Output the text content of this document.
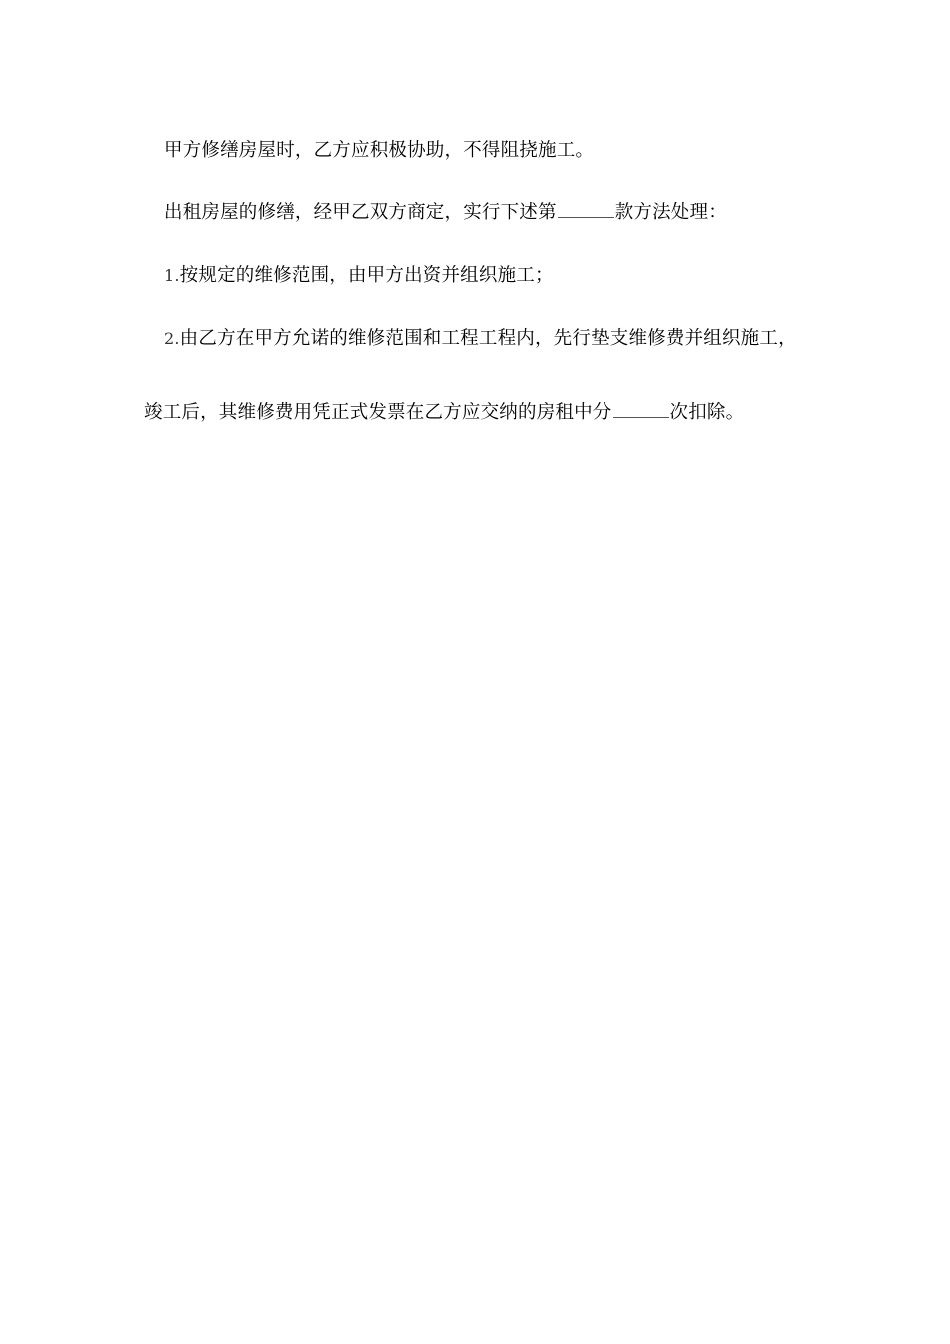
甲方修缮房屋时，乙方应积极协助，不得阻挠施工。
出租房屋的修缮，经甲乙双方商定，实行下述第	款方法处理：
1.按规定的维修范围，由甲方出资并组织施工；
2.由乙方在甲方允诺的维修范围和工程工程内，先行垫支维修费并组织施工，
竣工后，其维修费用凭正式发票在乙方应交纳的房租中分	次扣除。
